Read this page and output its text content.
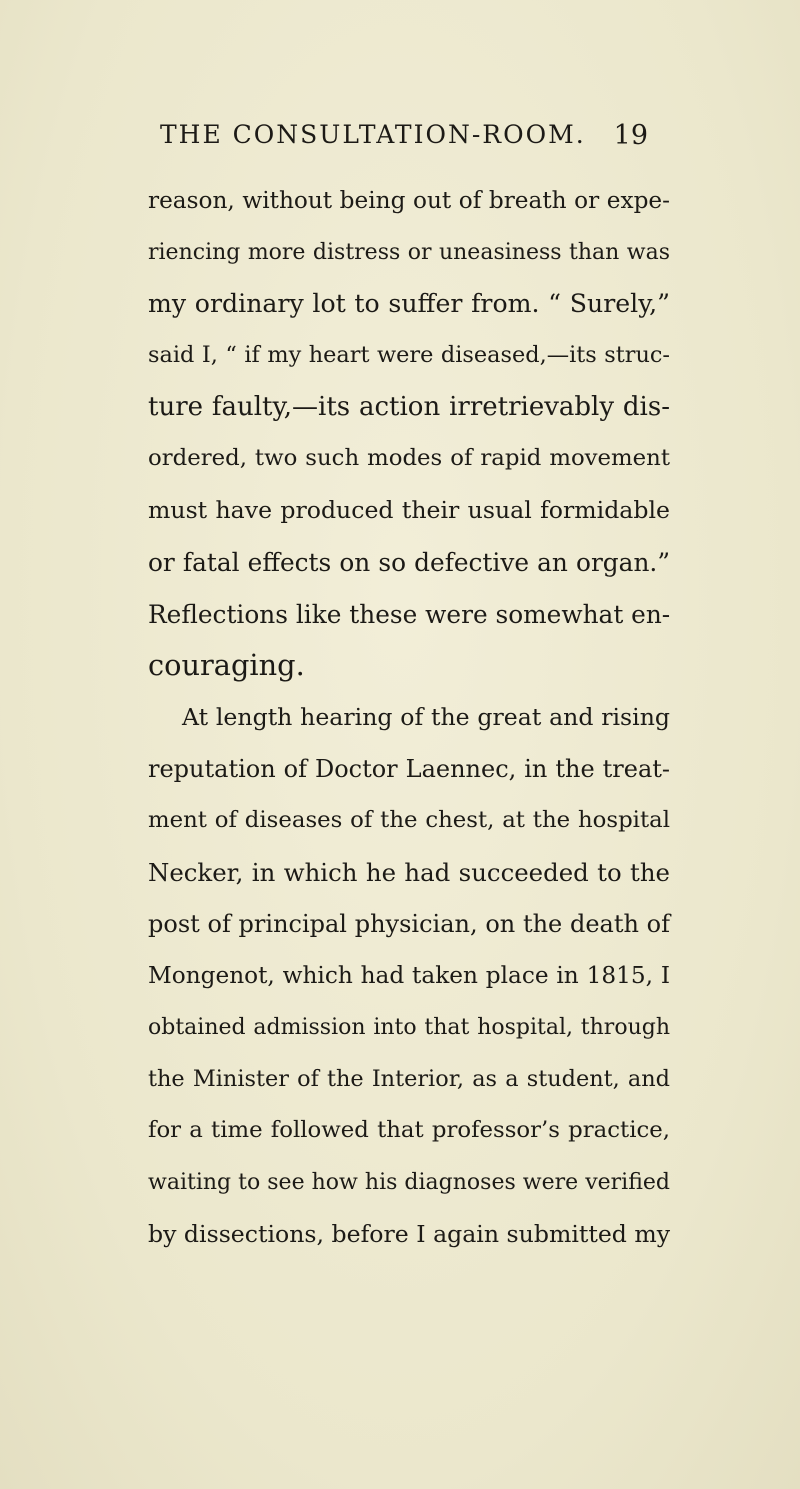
THE CONSULTATION-ROOM. 19
reason, without being out of breath or expe-
riencing more distress or uneasiness than was
my ordinary lot to suffer from. “ Surely,”
said I, “ if my heart were diseased,—its struc-
ture faulty,—its action irretrievably dis-
ordered, two such modes of rapid movement
must have produced their usual formidable
or fatal effects on so defective an organ.”
Reflections like these were somewhat en-
couraging.
At length hearing of the great and rising
reputation of Doctor Laennec, in the treat-
ment of diseases of the chest, at the hospital
Necker, in which he had succeeded to the
post of principal physician, on the death of
Mongenot, which had taken place in 1815, I
obtained admission into that hospital, through
the Minister of the Interior, as a student, and
for a time followed that professor’s practice,
waiting to see how his diagnoses were verified
by dissections, before I again submitted my
